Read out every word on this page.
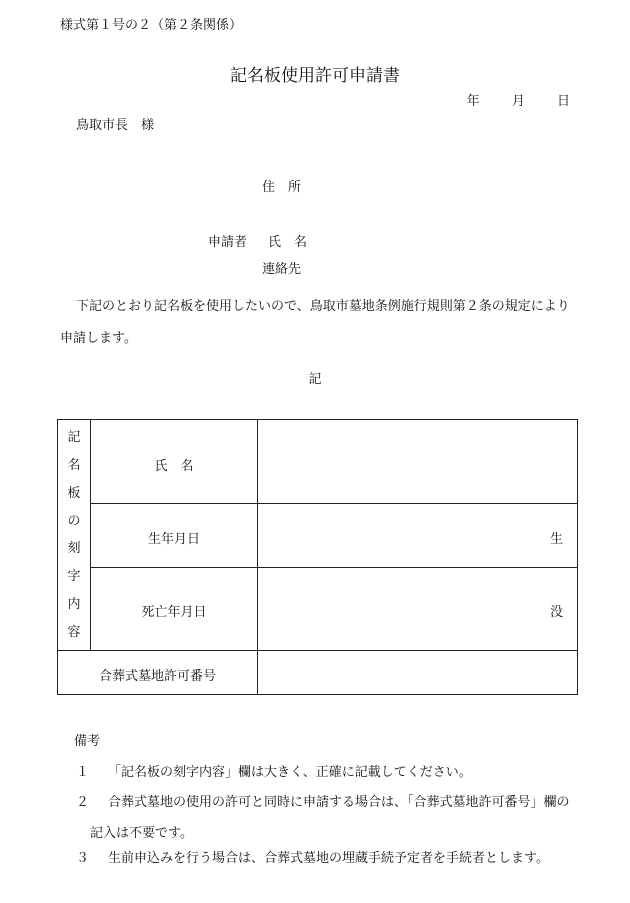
様式第１号の２（第２条関係）
記名板使用許可申請書
年 月 日
鳥取市長　様
住　所
申請者 氏　名
連絡先
下記のとおり記名板を使用したいので、鳥取市墓地条例施行規則第２条の規定により申請します。
記
記
名
板
の
刻
字
内
容
氏　名
生年月日	生
死亡年月日	没
合葬式墓地許可番号
備考
１ 「記名板の刻字内容」欄は大きく、正確に記載してください。
２ 合葬式墓地の使用の許可と同時に申請する場合は、「合葬式墓地許可番号」欄の
記入は不要です。
３ 生前申込みを行う場合は、合葬式墓地の埋蔵手続予定者を手続者とします。
